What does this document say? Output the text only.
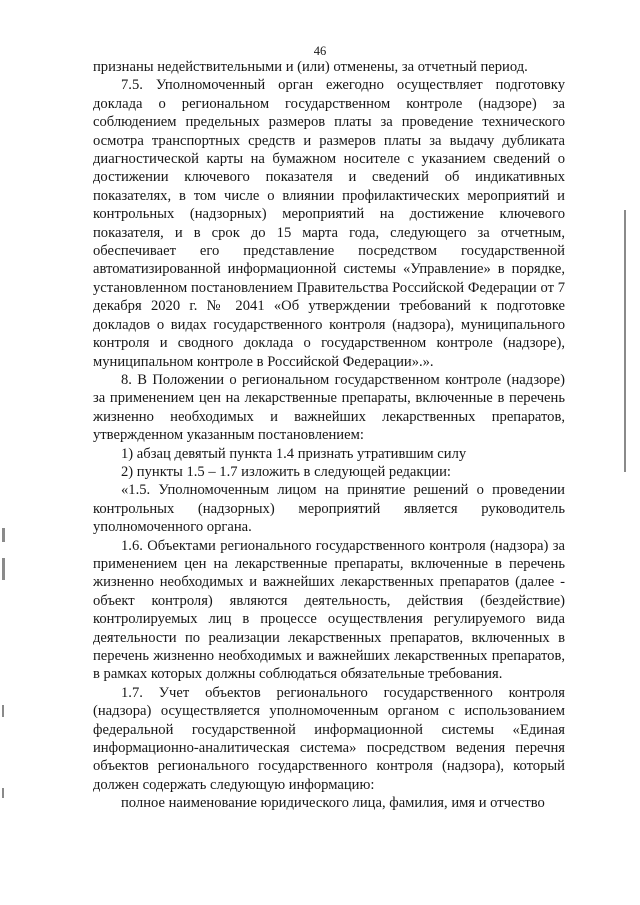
46

признаны недействительными и (или) отменены, за отчетный период.

7.5. Уполномоченный орган ежегодно осуществляет подготовку доклада о региональном государственном контроле (надзоре) за соблюдением предельных размеров платы за проведение технического осмотра транспортных средств и размеров платы за выдачу дубликата диагностической карты на бумажном носителе с указанием сведений о достижении ключевого показателя и сведений об индикативных показателях, в том числе о влиянии профилактических мероприятий и контрольных (надзорных) мероприятий на достижение ключевого показателя, и в срок до 15 марта года, следующего за отчетным, обеспечивает его представление посредством государственной автоматизированной информационной системы «Управление» в порядке, установленном постановлением Правительства Российской Федерации от 7 декабря 2020 г. № 2041 «Об утверждении требований к подготовке докладов о видах государственного контроля (надзора), муниципального контроля и сводного доклада о государственном контроле (надзоре), муниципальном контроле в Российской Федерации».».

8. В Положении о региональном государственном контроле (надзоре) за применением цен на лекарственные препараты, включенные в перечень жизненно необходимых и важнейших лекарственных препаратов, утвержденном указанным постановлением:

1) абзац девятый пункта 1.4 признать утратившим силу

2) пункты 1.5 – 1.7 изложить в следующей редакции:

«1.5. Уполномоченным лицом на принятие решений о проведении контрольных (надзорных) мероприятий является руководитель уполномоченного органа.

1.6. Объектами регионального государственного контроля (надзора) за применением цен на лекарственные препараты, включенные в перечень жизненно необходимых и важнейших лекарственных препаратов (далее - объект контроля) являются деятельность, действия (бездействие) контролируемых лиц в процессе осуществления регулируемого вида деятельности по реализации лекарственных препаратов, включенных в перечень жизненно необходимых и важнейших лекарственных препаратов, в рамках которых должны соблюдаться обязательные требования.

1.7. Учет объектов регионального государственного контроля (надзора) осуществляется уполномоченным органом с использованием федеральной государственной информационной системы «Единая информационно-аналитическая система» посредством ведения перечня объектов регионального государственного контроля (надзора), который должен содержать следующую информацию:

полное наименование юридического лица, фамилия, имя и отчество
